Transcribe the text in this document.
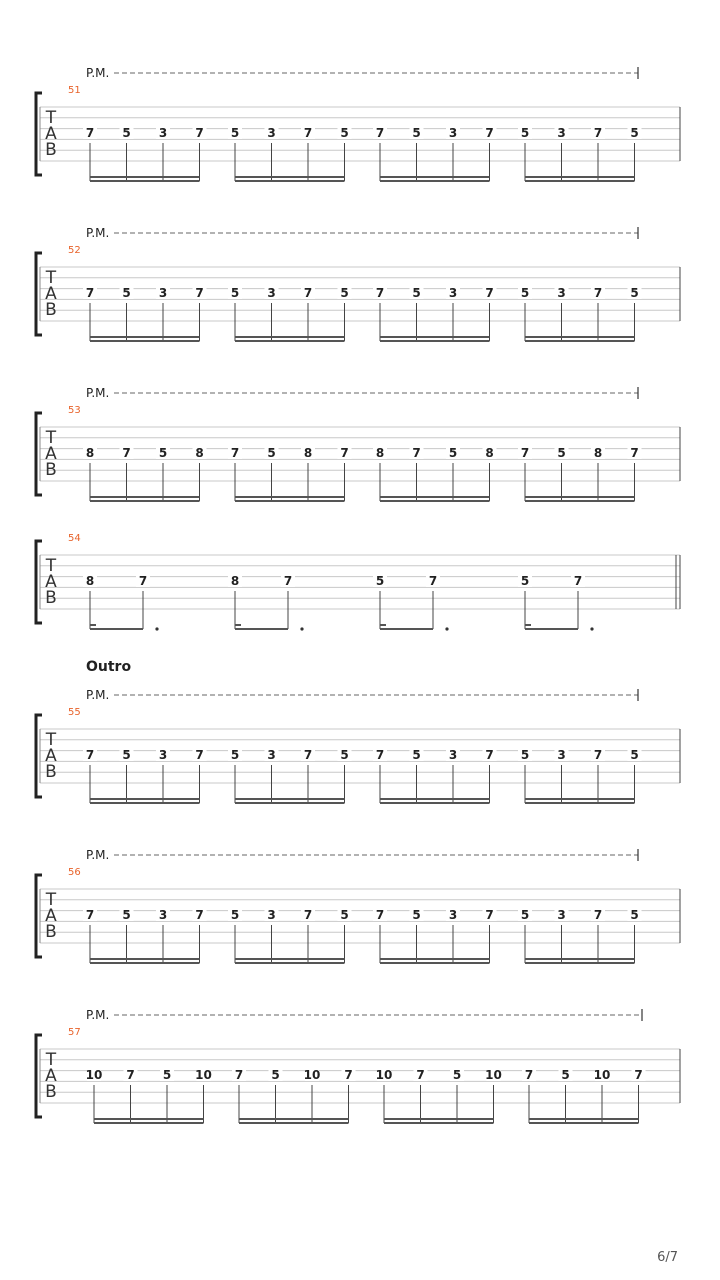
P.M.
51
T
A
B
7 5 3 7 5 3 7 5 7 5 3 7 5 3 7 5
P.M.
52
T
A
B
7 5 3 7 5 3 7 5 7 5 3 7 5 3 7 5
P.M.
53
T
A
B
8 7 5 8 7 5 8 7 8 7 5 8 7 5 8 7
54
T
A
B
8	7	8	7	5	7	5	7
Outro
P.M.
55
T
A
B
7 5 3 7 5 3 7 5 7 5 3 7 5 3 7 5
P.M.
56
T
A
B
7 5 3 7 5 3 7 5 7 5 3 7 5 3 7 5
P.M.
57
T
A
B
10 7 5 10 7 5 10 7 10 7 5 10 7 5 10 7
6/7
